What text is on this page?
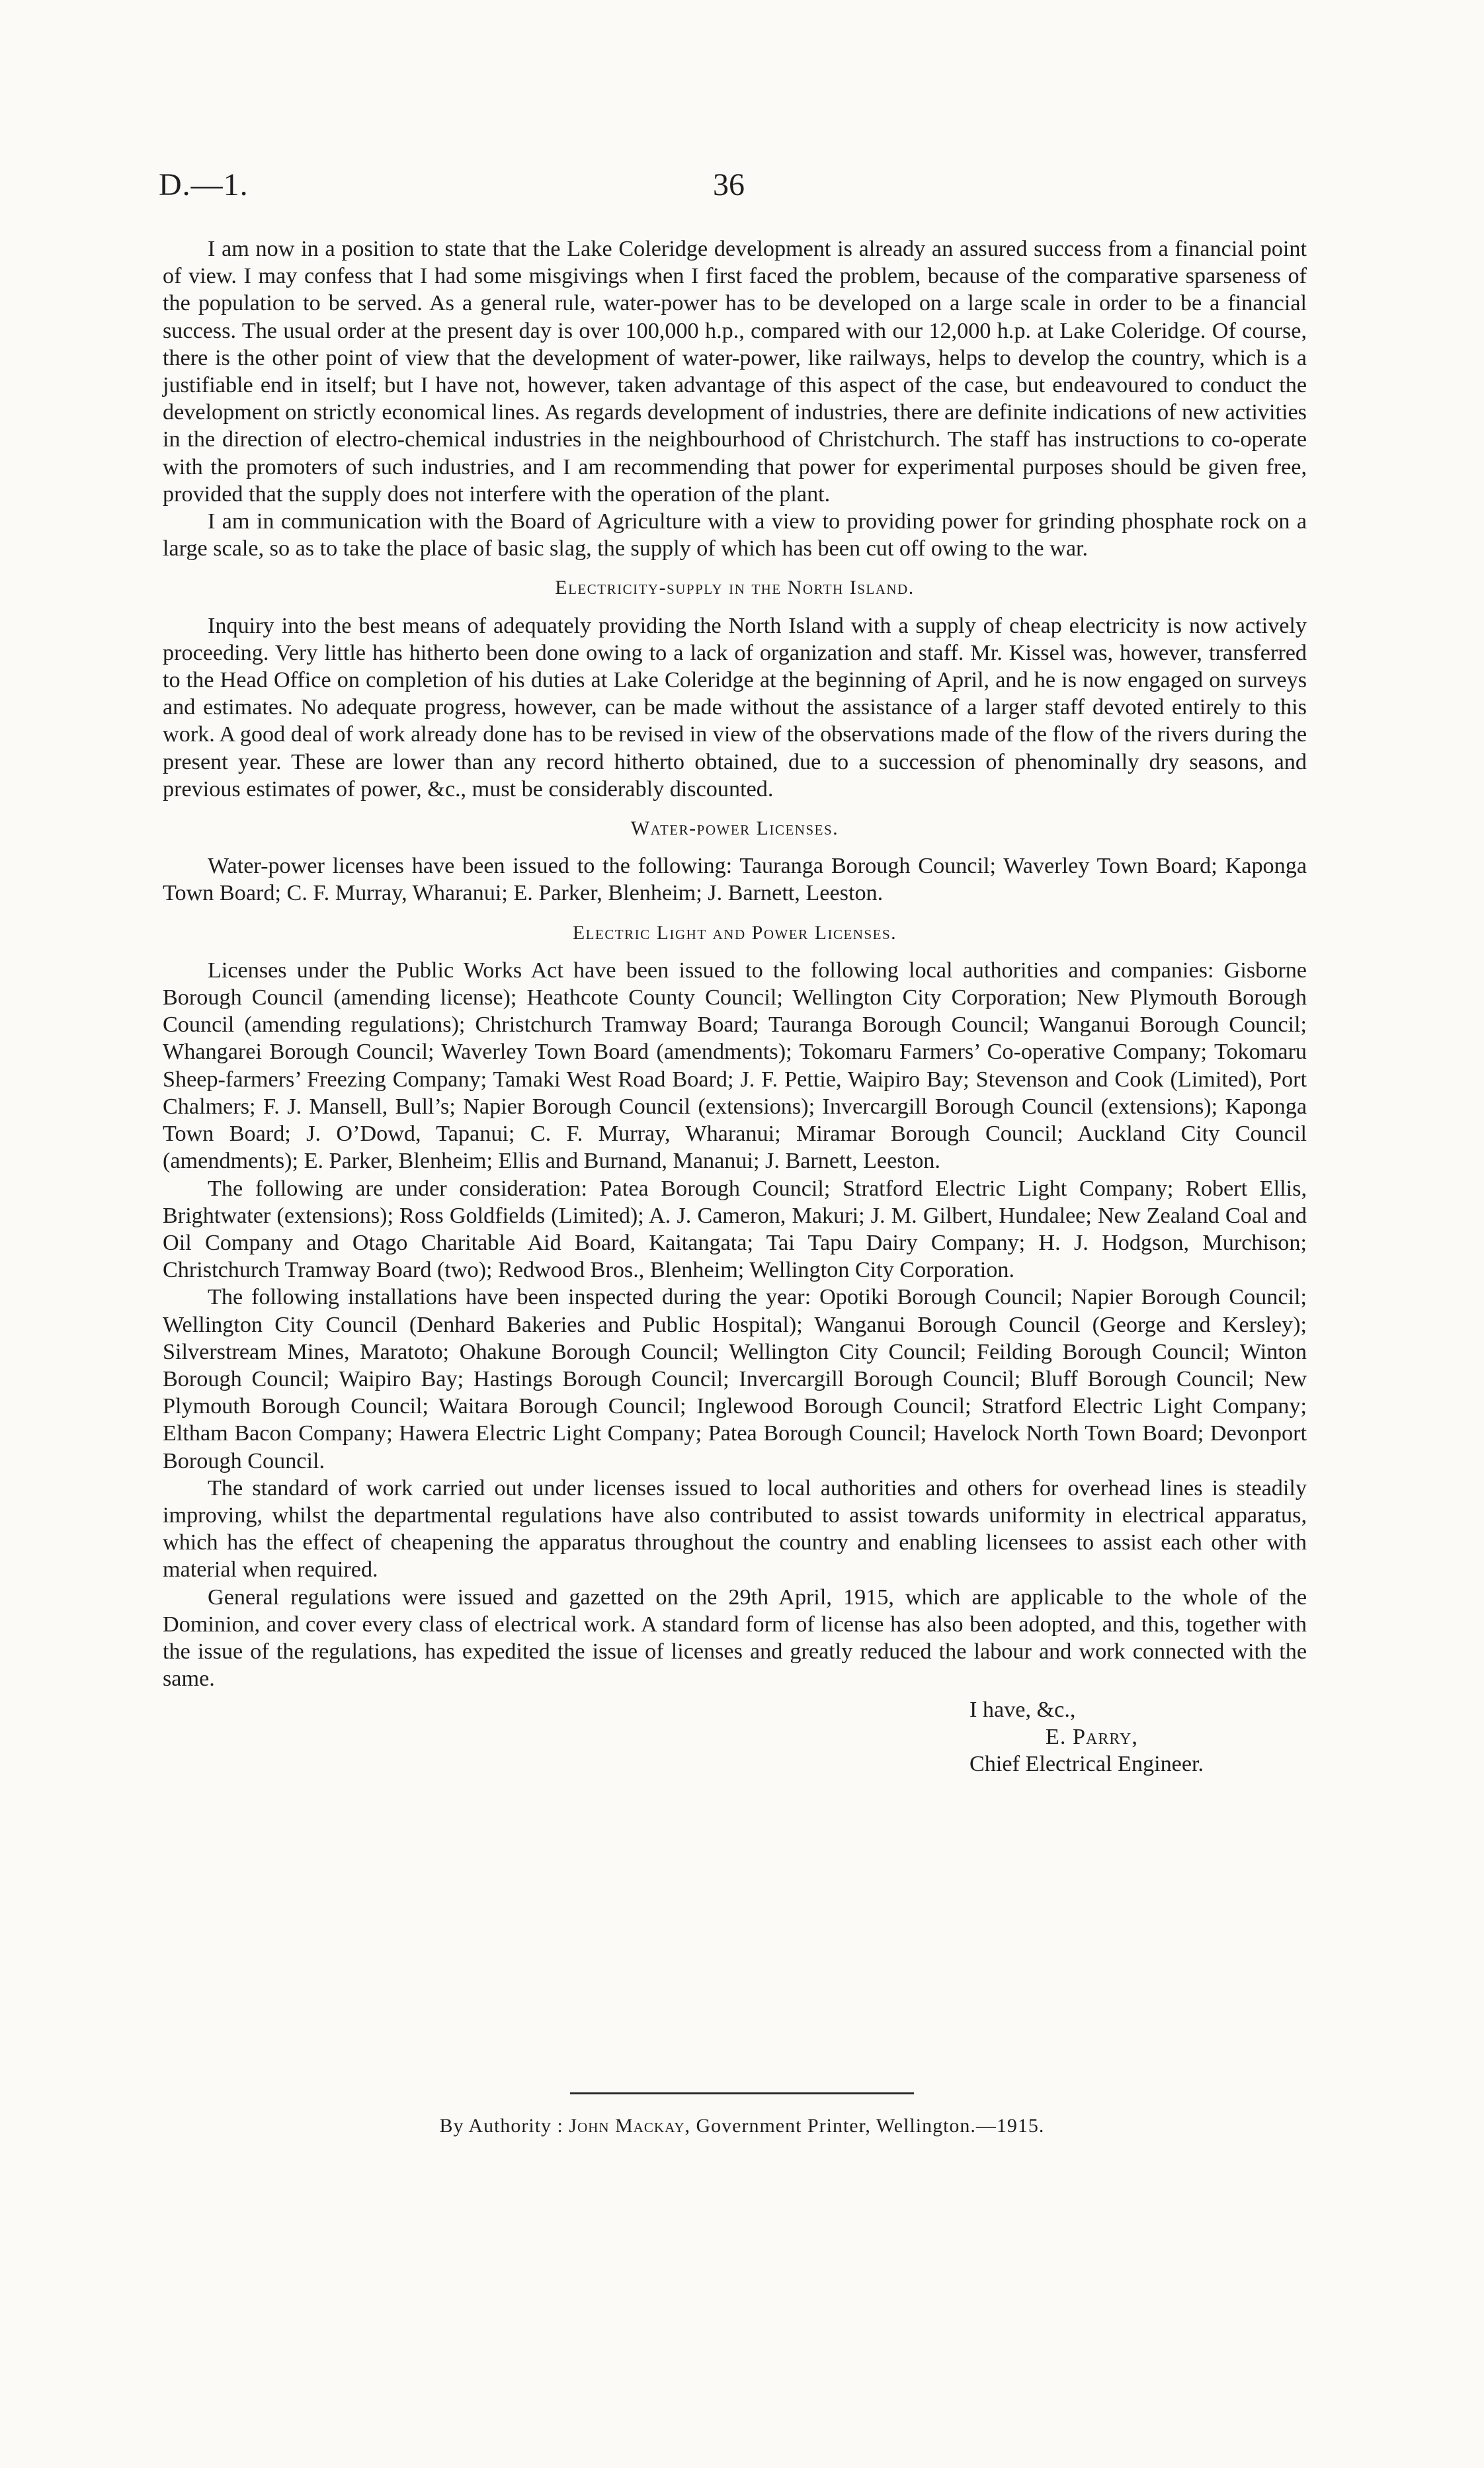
D.—1.	36

I am now in a position to state that the Lake Coleridge development is already an assured success from a financial point of view. I may confess that I had some misgivings when I first faced the problem, because of the comparative sparseness of the population to be served. As a general rule, water-power has to be developed on a large scale in order to be a financial success. The usual order at the present day is over 100,000 h.p., compared with our 12,000 h.p. at Lake Coleridge. Of course, there is the other point of view that the development of water-power, like railways, helps to develop the country, which is a justifiable end in itself; but I have not, however, taken advantage of this aspect of the case, but endeavoured to conduct the development on strictly economical lines. As regards development of industries, there are definite indications of new activities in the direction of electro-chemical industries in the neighbourhood of Christchurch. The staff has instructions to co-operate with the promoters of such industries, and I am recommending that power for experimental purposes should be given free, provided that the supply does not interfere with the operation of the plant.

I am in communication with the Board of Agriculture with a view to providing power for grinding phosphate rock on a large scale, so as to take the place of basic slag, the supply of which has been cut off owing to the war.

Electricity-supply in the North Island.

Inquiry into the best means of adequately providing the North Island with a supply of cheap electricity is now actively proceeding. Very little has hitherto been done owing to a lack of organization and staff. Mr. Kissel was, however, transferred to the Head Office on completion of his duties at Lake Coleridge at the beginning of April, and he is now engaged on surveys and estimates. No adequate progress, however, can be made without the assistance of a larger staff devoted entirely to this work. A good deal of work already done has to be revised in view of the observations made of the flow of the rivers during the present year. These are lower than any record hitherto obtained, due to a succession of phenominally dry seasons, and previous estimates of power, &c., must be considerably discounted.

Water-power Licenses.

Water-power licenses have been issued to the following: Tauranga Borough Council; Waverley Town Board; Kaponga Town Board; C. F. Murray, Wharanui; E. Parker, Blenheim; J. Barnett, Leeston.

Electric Light and Power Licenses.

Licenses under the Public Works Act have been issued to the following local authorities and companies: Gisborne Borough Council (amending license); Heathcote County Council; Wellington City Corporation; New Plymouth Borough Council (amending regulations); Christchurch Tramway Board; Tauranga Borough Council; Wanganui Borough Council; Whangarei Borough Council; Waverley Town Board (amendments); Tokomaru Farmers’ Co-operative Company; Tokomaru Sheep-farmers’ Freezing Company; Tamaki West Road Board; J. F. Pettie, Waipiro Bay; Stevenson and Cook (Limited), Port Chalmers; F. J. Mansell, Bull’s; Napier Borough Council (extensions); Invercargill Borough Council (extensions); Kaponga Town Board; J. O’Dowd, Tapanui; C. F. Murray, Wharanui; Miramar Borough Council; Auckland City Council (amendments); E. Parker, Blenheim; Ellis and Burnand, Mananui; J. Barnett, Leeston.

The following are under consideration: Patea Borough Council; Stratford Electric Light Company; Robert Ellis, Brightwater (extensions); Ross Goldfields (Limited); A. J. Cameron, Makuri; J. M. Gilbert, Hundalee; New Zealand Coal and Oil Company and Otago Charitable Aid Board, Kaitangata; Tai Tapu Dairy Company; H. J. Hodgson, Murchison; Christchurch Tramway Board (two); Redwood Bros., Blenheim; Wellington City Corporation.

The following installations have been inspected during the year: Opotiki Borough Council; Napier Borough Council; Wellington City Council (Denhard Bakeries and Public Hospital); Wanganui Borough Council (George and Kersley); Silverstream Mines, Maratoto; Ohakune Borough Council; Wellington City Council; Feilding Borough Council; Winton Borough Council; Waipiro Bay; Hastings Borough Council; Invercargill Borough Council; Bluff Borough Council; New Plymouth Borough Council; Waitara Borough Council; Inglewood Borough Council; Stratford Electric Light Company; Eltham Bacon Company; Hawera Electric Light Company; Patea Borough Council; Havelock North Town Board; Devonport Borough Council.

The standard of work carried out under licenses issued to local authorities and others for overhead lines is steadily improving, whilst the departmental regulations have also contributed to assist towards uniformity in electrical apparatus, which has the effect of cheapening the apparatus throughout the country and enabling licensees to assist each other with material when required.

General regulations were issued and gazetted on the 29th April, 1915, which are applicable to the whole of the Dominion, and cover every class of electrical work. A standard form of license has also been adopted, and this, together with the issue of the regulations, has expedited the issue of licenses and greatly reduced the labour and work connected with the same.

I have, &c.,
E. Parry,
Chief Electrical Engineer.
By Authority : John Mackay, Government Printer, Wellington.—1915.
